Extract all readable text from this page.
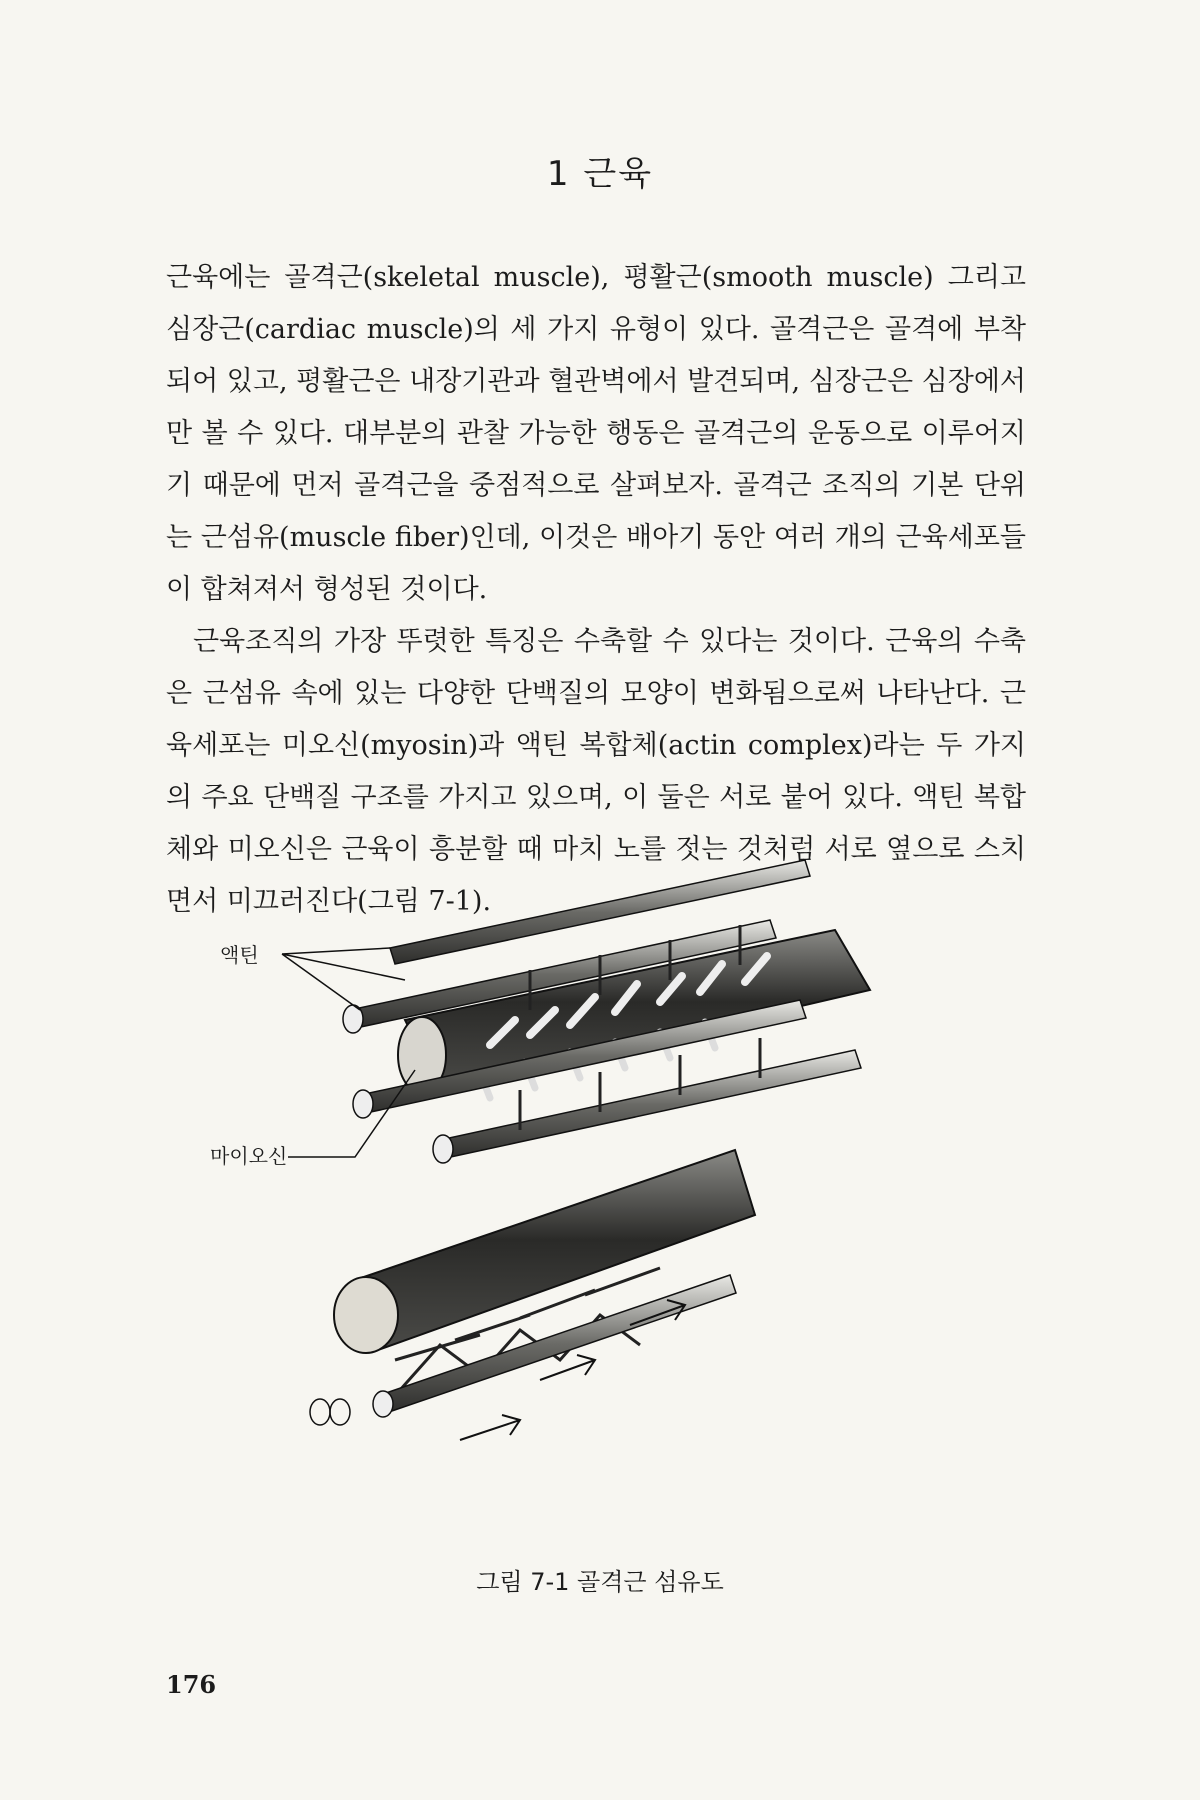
1 근육

근육에는 골격근(skeletal muscle), 평활근(smooth muscle) 그리고 심장근(cardiac muscle)의 세 가지 유형이 있다. 골격근은 골격에 부착되어 있고, 평활근은 내장기관과 혈관벽에서 발견되며, 심장근은 심장에서만 볼 수 있다. 대부분의 관찰 가능한 행동은 골격근의 운동으로 이루어지기 때문에 먼저 골격근을 중점적으로 살펴보자. 골격근 조직의 기본 단위는 근섬유(muscle fiber)인데, 이것은 배아기 동안 여러 개의 근육세포들이 합쳐져서 형성된 것이다.

근육조직의 가장 뚜렷한 특징은 수축할 수 있다는 것이다. 근육의 수축은 근섬유 속에 있는 다양한 단백질의 모양이 변화됨으로써 나타난다. 근육세포는 미오신(myosin)과 액틴 복합체(actin complex)라는 두 가지의 주요 단백질 구조를 가지고 있으며, 이 둘은 서로 붙어 있다. 액틴 복합체와 미오신은 근육이 흥분할 때 마치 노를 젓는 것처럼 서로 옆으로 스치면서 미끄러진다(그림 7-1).

액틴
마이오신
그림 7-1 골격근 섬유도
176
